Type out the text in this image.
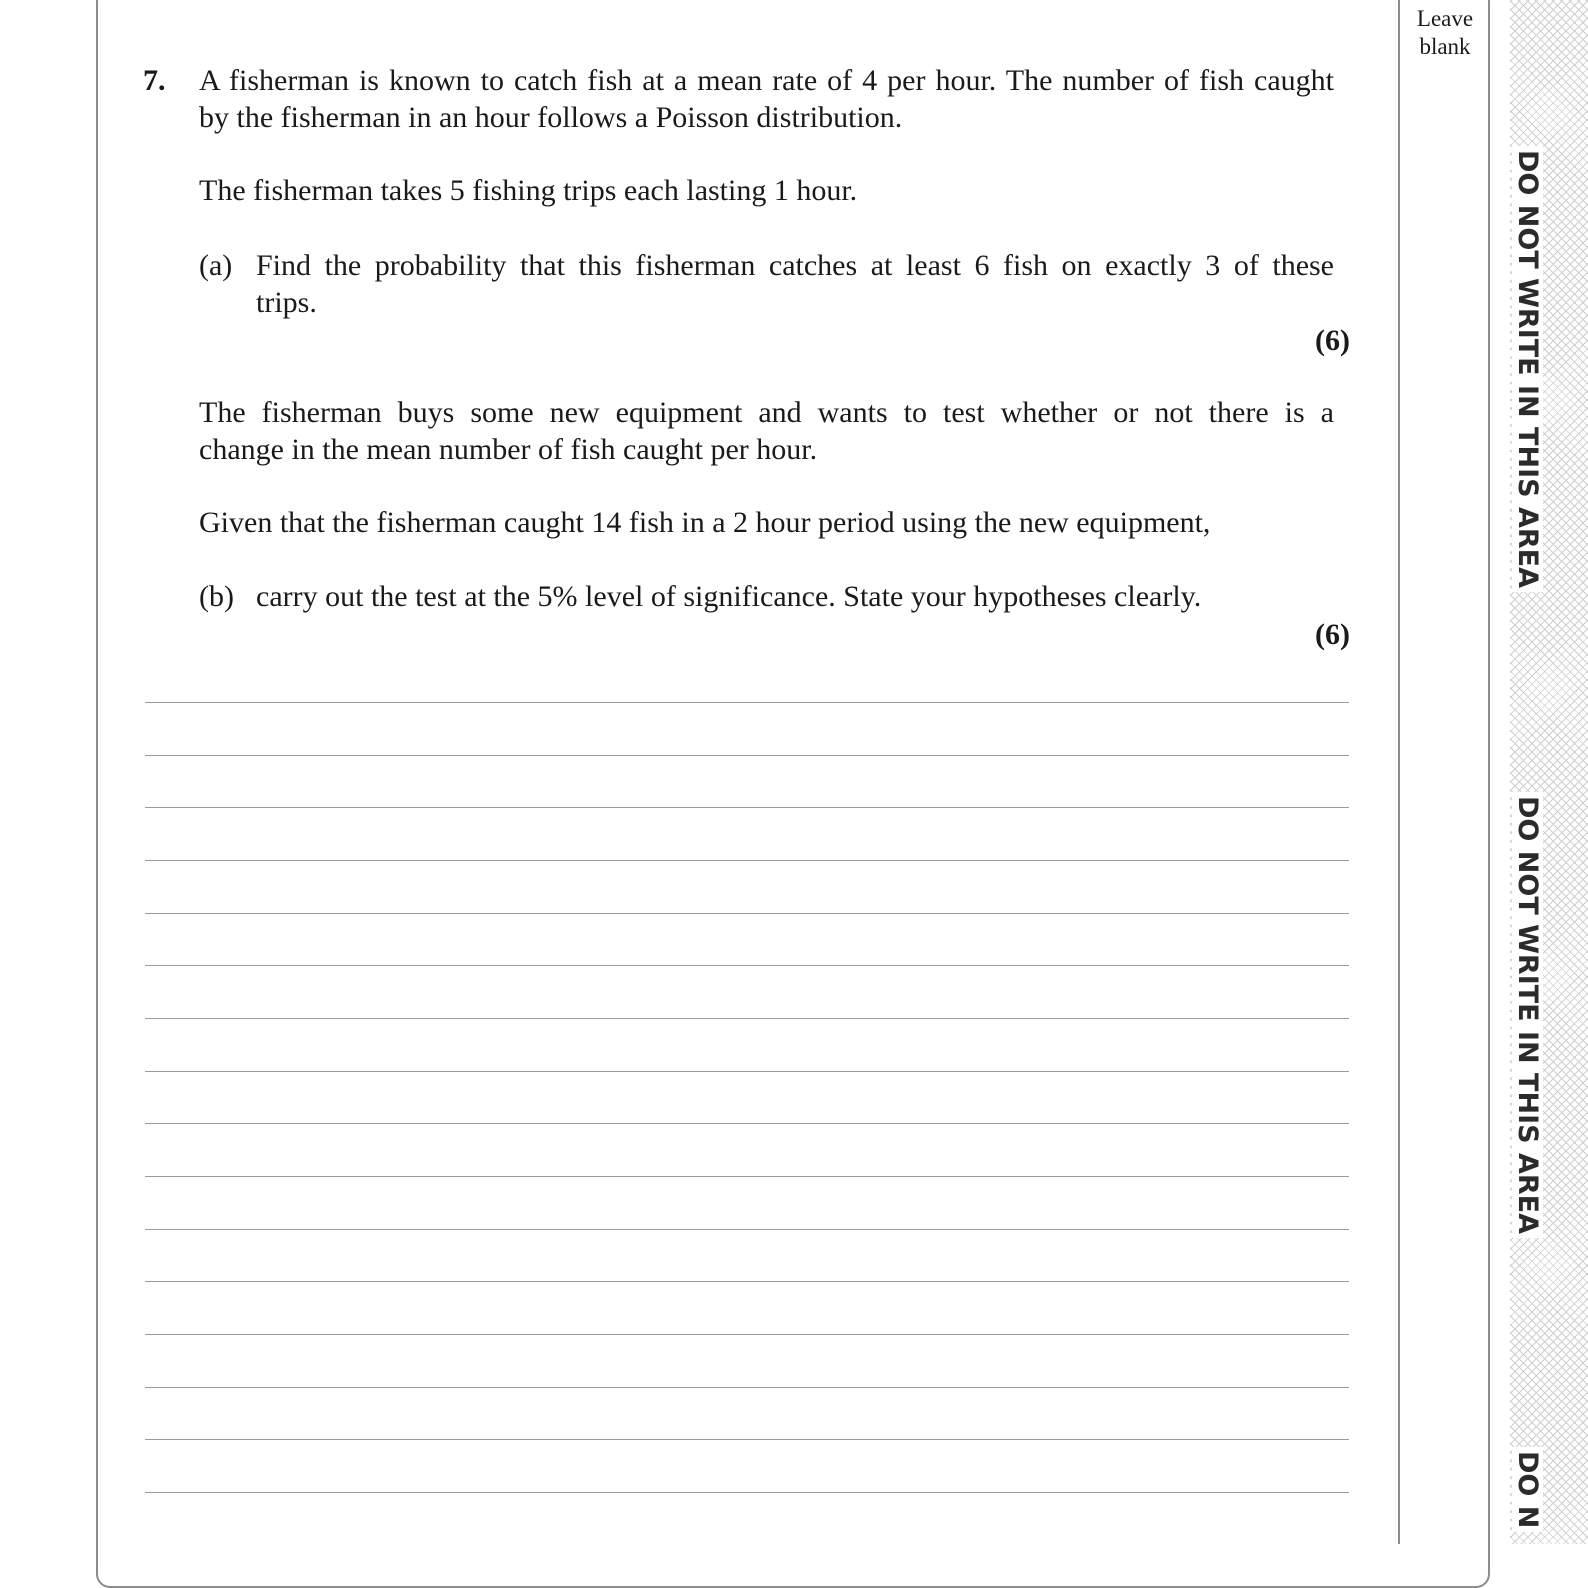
Leave
blank
7. A fisherman is known to catch fish at a mean rate of 4 per hour. The number of fish caught
by the fisherman in an hour follows a Poisson distribution.
The fisherman takes 5 fishing trips each lasting 1 hour.
(a) Find the probability that this fisherman catches at least 6 fish on exactly 3 of these
trips.
(6)
The fisherman buys some new equipment and wants to test whether or not there is a
change in the mean number of fish caught per hour.
Given that the fisherman caught 14 fish in a 2 hour period using the new equipment,
(b) carry out the test at the 5% level of significance. State your hypotheses clearly.
(6)
DO NOT WRITE IN THIS AREA
DO NOT WRITE IN THIS AREA
DO N
